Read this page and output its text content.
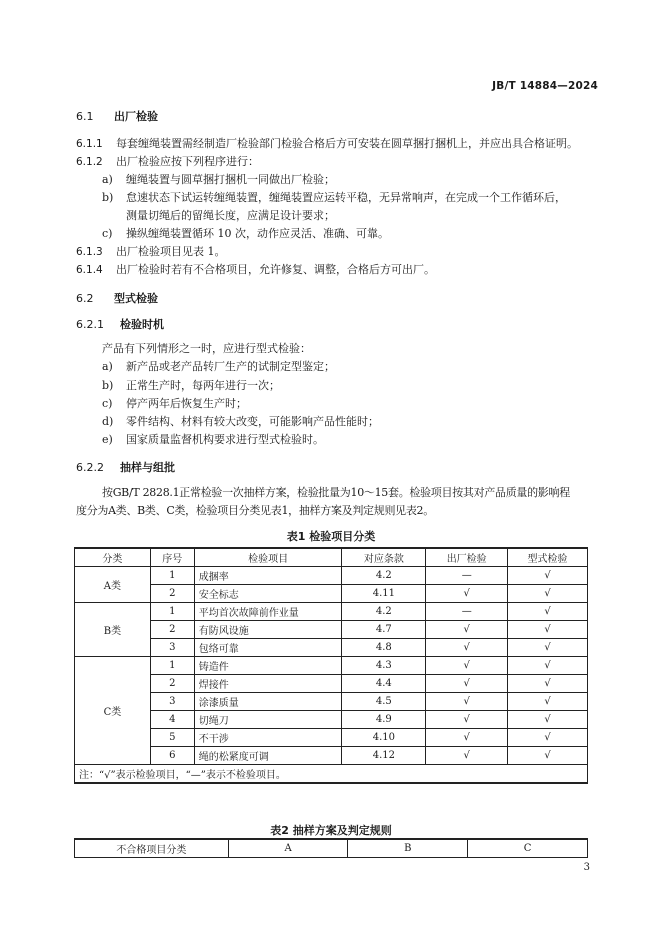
JB/T 14884—2024
6.1 出厂检验
6.1.1 每套缠绳装置需经制造厂检验部门检验合格后方可安装在圆草捆打捆机上，并应出具合格证明。
6.1.2 出厂检验应按下列程序进行：
a) 缠绳装置与圆草捆打捆机一同做出厂检验；
b) 怠速状态下试运转缠绳装置，缠绳装置应运转平稳，无异常响声，在完成一个工作循环后，
测量切绳后的留绳长度，应满足设计要求；
c) 操纵缠绳装置循环 10 次，动作应灵活、准确、可靠。
6.1.3 出厂检验项目见表 1。
6.1.4 出厂检验时若有不合格项目，允许修复、调整，合格后方可出厂。
6.2 型式检验
6.2.1 检验时机
产品有下列情形之一时，应进行型式检验：
a) 新产品或老产品转厂生产的试制定型鉴定；
b) 正常生产时，每两年进行一次；
c) 停产两年后恢复生产时；
d) 零件结构、材料有较大改变，可能影响产品性能时；
e) 国家质量监督机构要求进行型式检验时。
6.2.2 抽样与组批
按GB/T 2828.1正常检验一次抽样方案，检验批量为10～15套。检验项目按其对产品质量的影响程
度分为A类、B类、C类，检验项目分类见表1，抽样方案及判定规则见表2。
表1 检验项目分类
分类	序号	检验项目	对应条款	出厂检验	型式检验
A类	1	成捆率	4.2	—	√
	2	安全标志	4.11	√	√
B类	1	平均首次故障前作业量	4.2	—	√
	2	有防风设施	4.7	√	√
	3	包络可靠	4.8	√	√
C类	1	铸造件	4.3	√	√
	2	焊接件	4.4	√	√
	3	涂漆质量	4.5	√	√
	4	切绳刀	4.9	√	√
	5	不干涉	4.10	√	√
	6	绳的松紧度可调	4.12	√	√
注：“√”表示检验项目，“—”表示不检验项目。					
表2 抽样方案及判定规则
不合格项目分类	A	B	C
3
